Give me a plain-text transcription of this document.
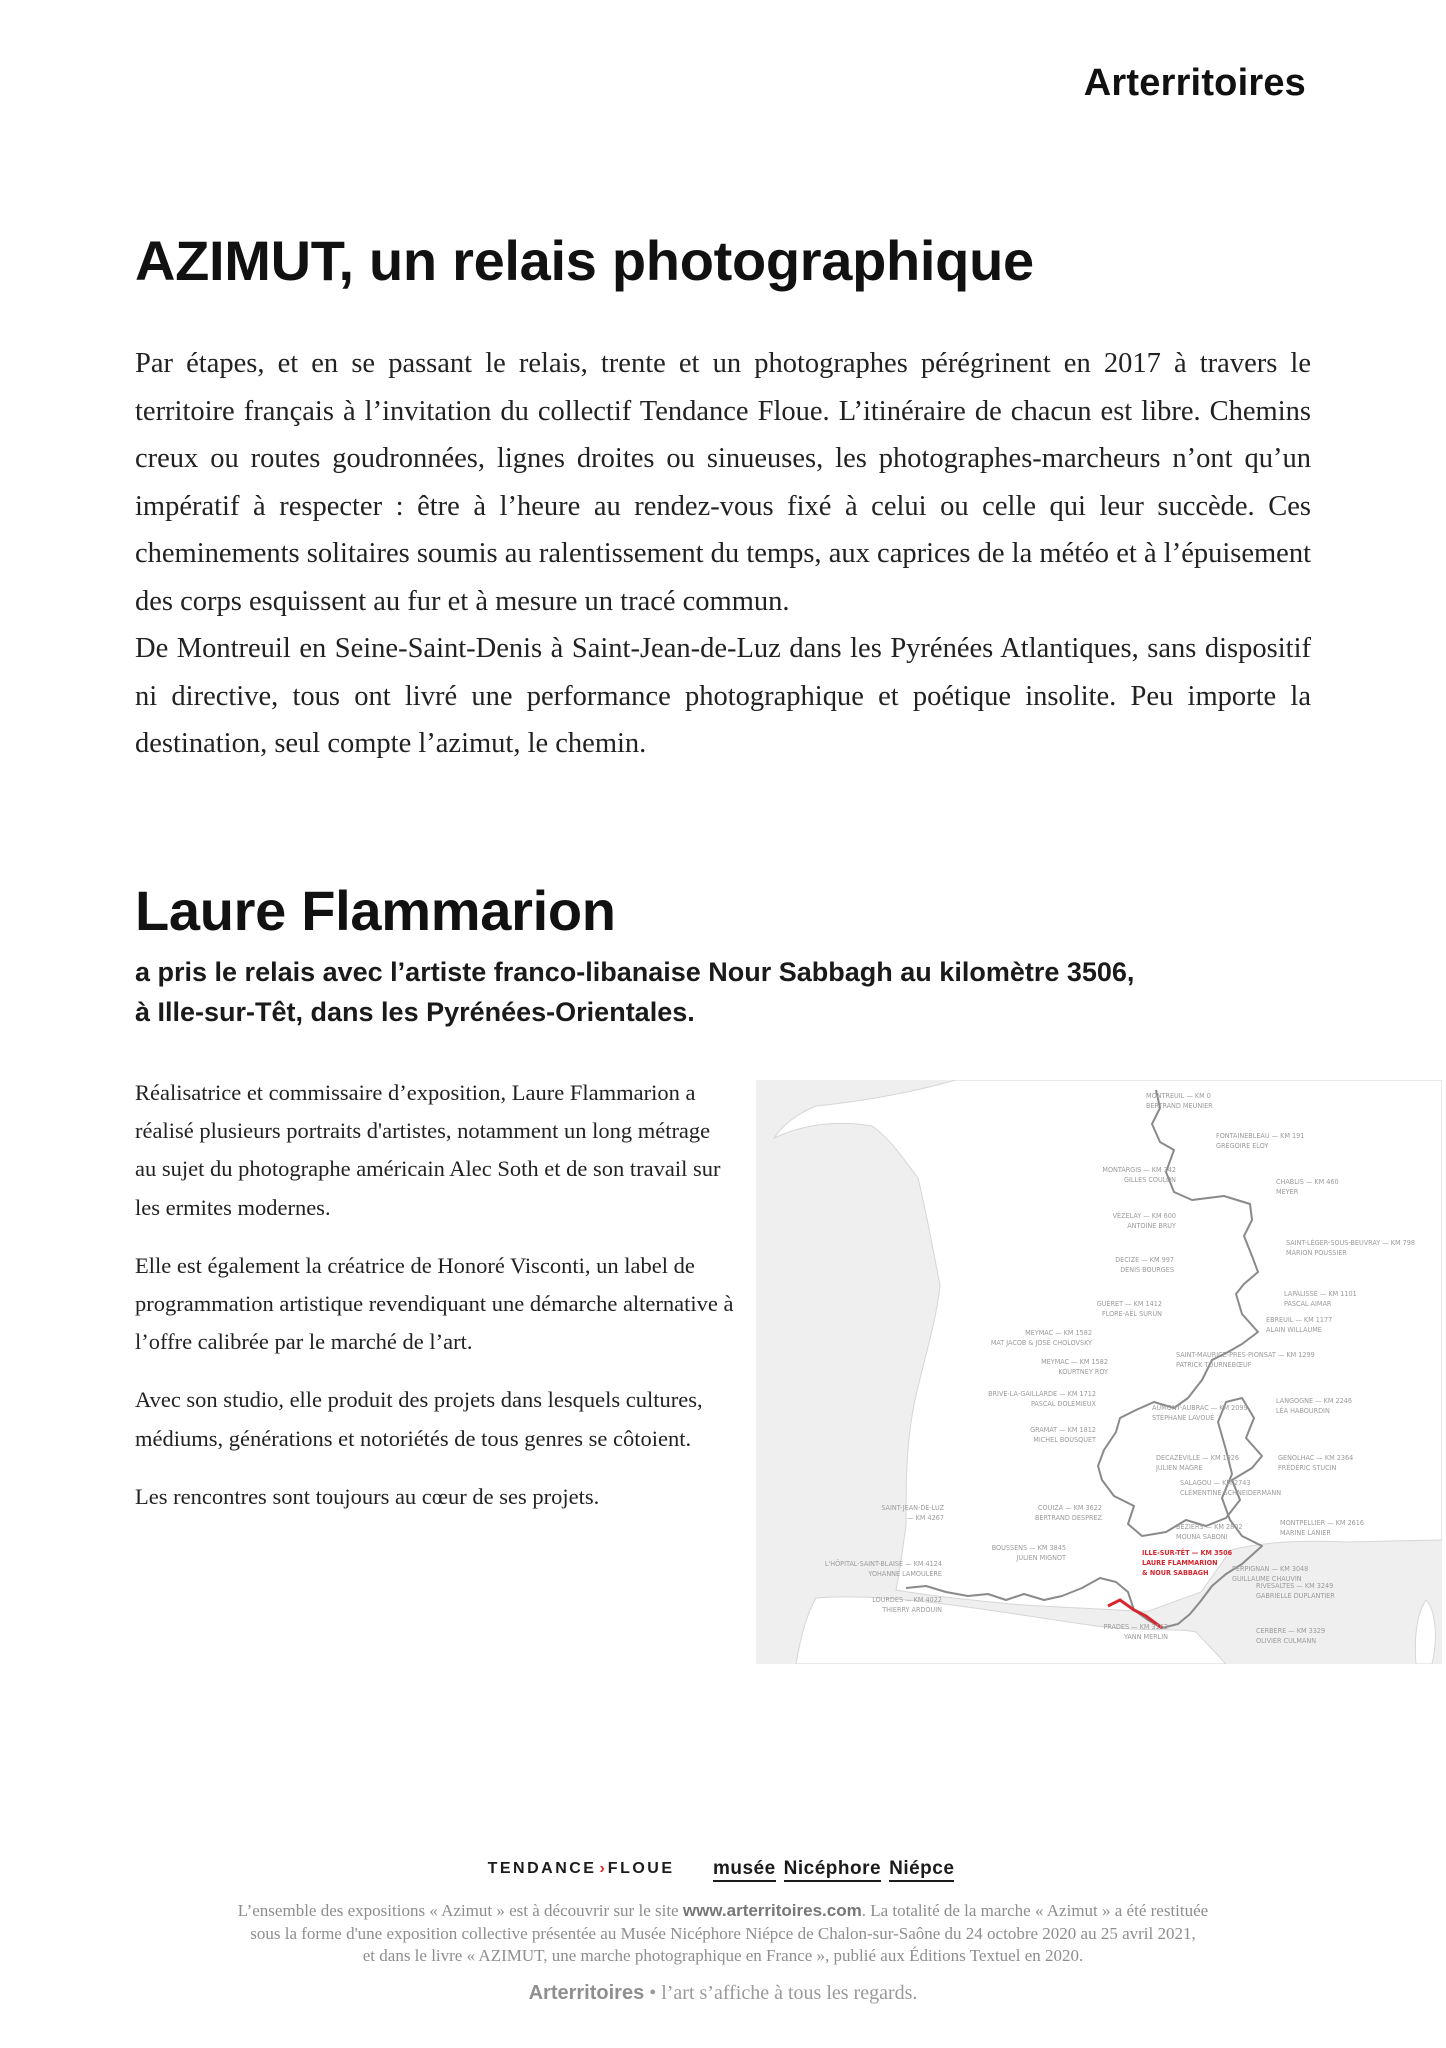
Arterritoires
AZIMUT, un relais photographique

Par étapes, et en se passant le relais, trente et un photographes pérégrinent en 2017 à travers le territoire français à l’invitation du collectif Tendance Floue. L’itinéraire de chacun est libre. Chemins creux ou routes goudronnées, lignes droites ou sinueuses, les photographes-marcheurs n’ont qu’un impératif à respecter : être à l’heure au rendez-vous fixé à celui ou celle qui leur succède. Ces cheminements solitaires soumis au ralentissement du temps, aux caprices de la météo et à l’épuisement des corps esquissent au fur et à mesure un tracé commun.

De Montreuil en Seine-Saint-Denis à Saint-Jean-de-Luz dans les Pyrénées Atlantiques, sans dispositif ni directive, tous ont livré une performance photographique et poétique insolite. Peu importe la destination, seul compte l’azimut, le chemin.

Laure Flammarion
a pris le relais avec l’artiste franco-libanaise Nour Sabbagh au kilomètre 3506,
à Ille-sur-Têt, dans les Pyrénées-Orientales.

Réalisatrice et commissaire d’exposition, Laure Flammarion a réalisé plusieurs portraits d'artistes, notamment un long métrage au sujet du photographe américain Alec Soth et de son travail sur les ermites modernes.

Elle est également la créatrice de Honoré Visconti, un label de programmation artistique revendiquant une démarche alternative à l’offre calibrée par le marché de l’art.

Avec son studio, elle produit des projets dans lesquels cultures, médiums, générations et notoriétés de tous genres se côtoient.

Les rencontres sont toujours au cœur de ses projets.

MONTREUIL — KM 0
BERTRAND MEUNIER
FONTAINEBLEAU — KM 191
GRÉGOIRE ELOY
MONTARGIS — KM 342
GILLES COULON	CHABLIS — KM 460
MEYER
VÉZELAY — KM 600
ANTOINE BRUY
SAINT-LÉGER-SOUS-BEUVRAY — KM 798
MARION POUSSIER
DECIZE — KM 997
DENIS BOURGES
LAPALISSE — KM 1101
PASCAL AIMAR
GUÉRET — KM 1412
FLORE-AËL SURUN
EBREUIL — KM 1177
ALAIN WILLAUME
MEYMAC — KM 1582
MAT JACOB & JOSÉ CHOLOVSKY
SAINT-MAURICE-PRES-PIONSAT — KM 1299
PATRICK TOURNEBŒUF
MEYMAC — KM 1582
KOURTNEY ROY
BRIVE-LA-GAILLARDE — KM 1712
PASCAL DOLÉMIEUX	AUMONT-AUBRAC — KM 2099
STÉPHANE LAVOUÉ
LANGOGNE — KM 2246
LÉA HABOURDIN
GRAMAT — KM 1812
MICHEL BOUSQUET
DECAZEVILLE — KM 1926
JULIEN MAGRE
GENOLHAC — KM 2364
FRÉDÉRIC STUCIN
SALAGOU — KM 2743
CLÉMENTINE SCHNEIDERMANN
SAINT-JEAN-DE-LUZ
— KM 4267
COUIZA — KM 3622
BERTRAND DESPREZ
BÉZIERS — KM 2802
MOUNA SABONI
MONTPELLIER — KM 2616
MARINE LANIER
BOUSSENS — KM 3845
JULIEN MIGNOT
L'HÔPITAL-SAINT-BLAISE — KM 4124
YOHANNE LAMOULÈRE
ILLE-SUR-TÊT — KM 3506
LAURE FLAMMARION
& NOUR SABBAGH	PERPIGNAN — KM 3048
GUILLAUME CHAUVIN
RIVESALTES — KM 3249
GABRIELLE DUPLANTIER
LOURDES — KM 4022
THIERRY ARDOUIN
PRADES — KM 3163
YANN MERLIN
CERBERE — KM 3329
OLIVIER CULMANN
TENDANCE › FLOUE musée Nicéphore Niépce
L’ensemble des expositions « Azimut » est à découvrir sur le site www.arterritoires.com. La totalité de la marche « Azimut » a été restituée
sous la forme d'une exposition collective présentée au Musée Nicéphore Niépce de Chalon-sur-Saône du 24 octobre 2020 au 25 avril 2021,
et dans le livre « AZIMUT, une marche photographique en France », publié aux Éditions Textuel en 2020.
Arterritoires • l’art s’affiche à tous les regards.
